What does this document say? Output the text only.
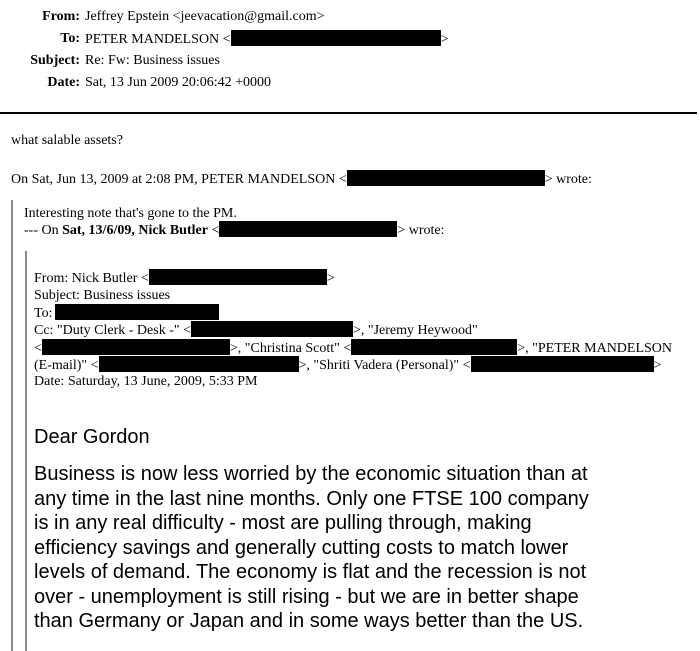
From: Jeffrey Epstein <jeevacation@gmail.com>
To: PETER MANDELSON <	>
Subject: Re: Fw: Business issues
Date: Sat, 13 Jun 2009 20:06:42 +0000
what salable assets?
On Sat, Jun 13, 2009 at 2:08 PM, PETER MANDELSON <	> wrote:
Interesting note that's gone to the PM.
--- On Sat, 13/6/09, Nick Butler <	> wrote:
From: Nick Butler <	>
Subject: Business issues
To:
Cc: "Duty Clerk - Desk -" <	>, "Jeremy Heywood"
<	>, "Christina Scott" <	>, "PETER MANDELSON
(E-mail)" <	>, "Shriti Vadera (Personal)" <	>
Date: Saturday, 13 June, 2009, 5:33 PM
Dear Gordon
Business is now less worried by the economic situation than at
any time in the last nine months. Only one FTSE 100 company
is in any real difficulty - most are pulling through, making
efficiency savings and generally cutting costs to match lower
levels of demand. The economy is flat and the recession is not
over - unemployment is still rising - but we are in better shape
than Germany or Japan and in some ways better than the US.
